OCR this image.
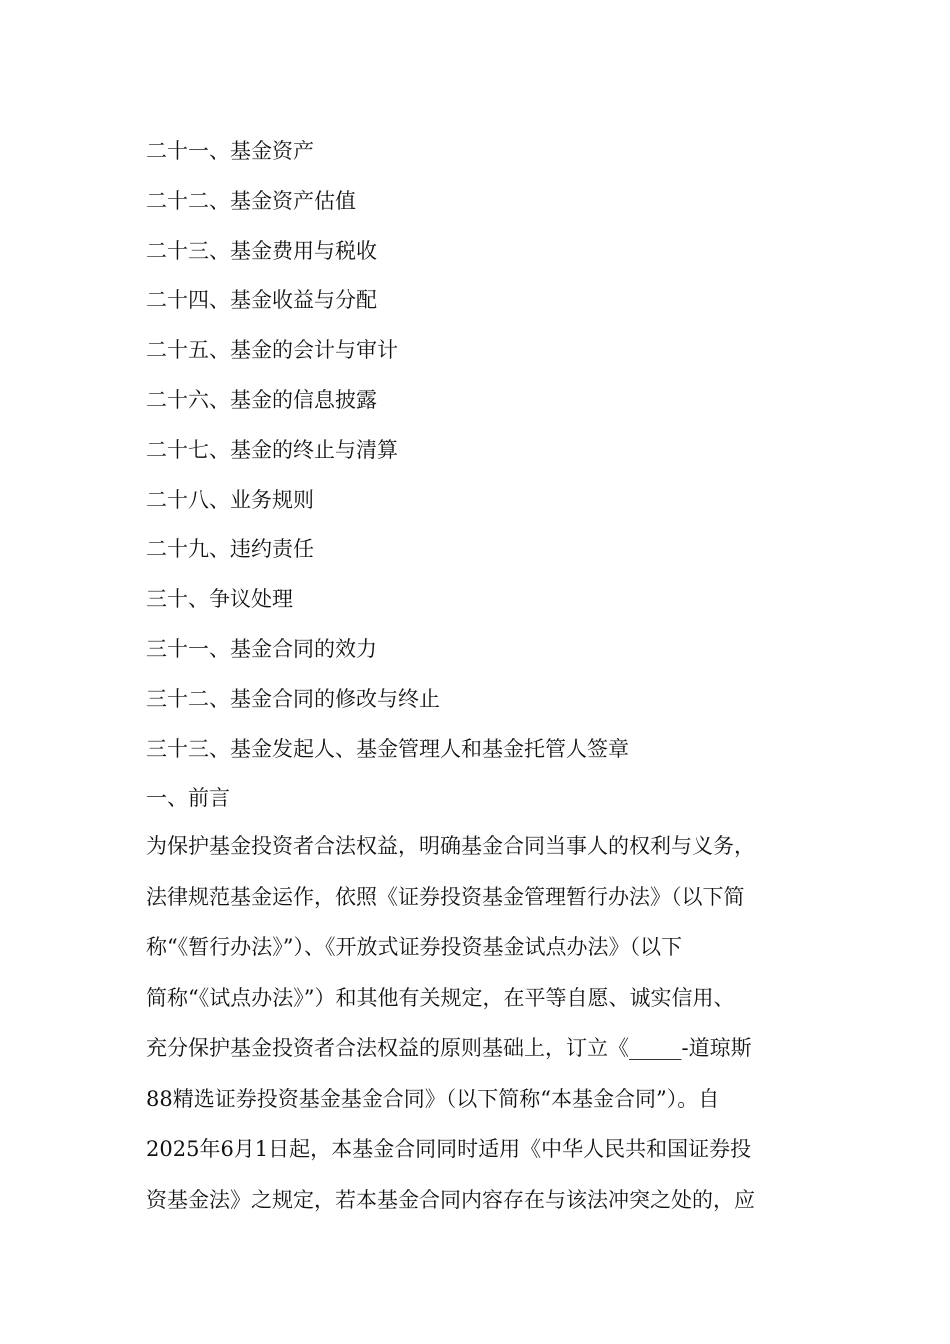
二十一、基金资产
二十二、基金资产估值
二十三、基金费用与税收
二十四、基金收益与分配
二十五、基金的会计与审计
二十六、基金的信息披露
二十七、基金的终止与清算
二十八、业务规则
二十九、违约责任
三十、争议处理
三十一、基金合同的效力
三十二、基金合同的修改与终止
三十三、基金发起人、基金管理人和基金托管人签章
一、前言
为保护基金投资者合法权益，明确基金合同当事人的权利与义务，
法律规范基金运作，依照《证券投资基金管理暂行办法》（以下简
称“《暂行办法》”）、《开放式证券投资基金试点办法》（以下
简称“《试点办法》”）和其他有关规定，在平等自愿、诚实信用、
充分保护基金投资者合法权益的原则基础上，订立《_____-道琼斯
88精选证券投资基金基金合同》（以下简称“本基金合同”）。自
2025年6月1日起，本基金合同同时适用《中华人民共和国证券投
资基金法》之规定，若本基金合同内容存在与该法冲突之处的，应
